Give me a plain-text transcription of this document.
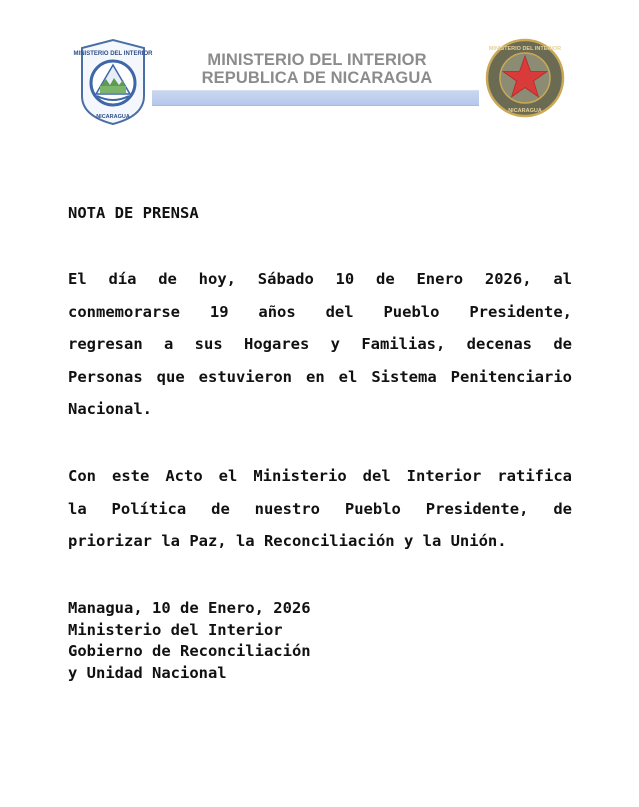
MINISTERIO DEL INTERIOR
NICARAGUA
MINISTERIO DEL INTERIOR
REPUBLICA DE NICARAGUA
MINISTERIO DEL INTERIOR
NICARAGUA
NOTA DE PRENSA
El día de hoy, Sábado 10 de Enero 2026, al
conmemorarse 19 años del Pueblo Presidente,
regresan a sus Hogares y Familias, decenas de
Personas que estuvieron en el Sistema Penitenciario
Nacional.
Con este Acto el Ministerio del Interior ratifica
la Política de nuestro Pueblo Presidente, de
priorizar la Paz, la Reconciliación y la Unión.
Managua, 10 de Enero, 2026
Ministerio del Interior
Gobierno de Reconciliación
y Unidad Nacional
